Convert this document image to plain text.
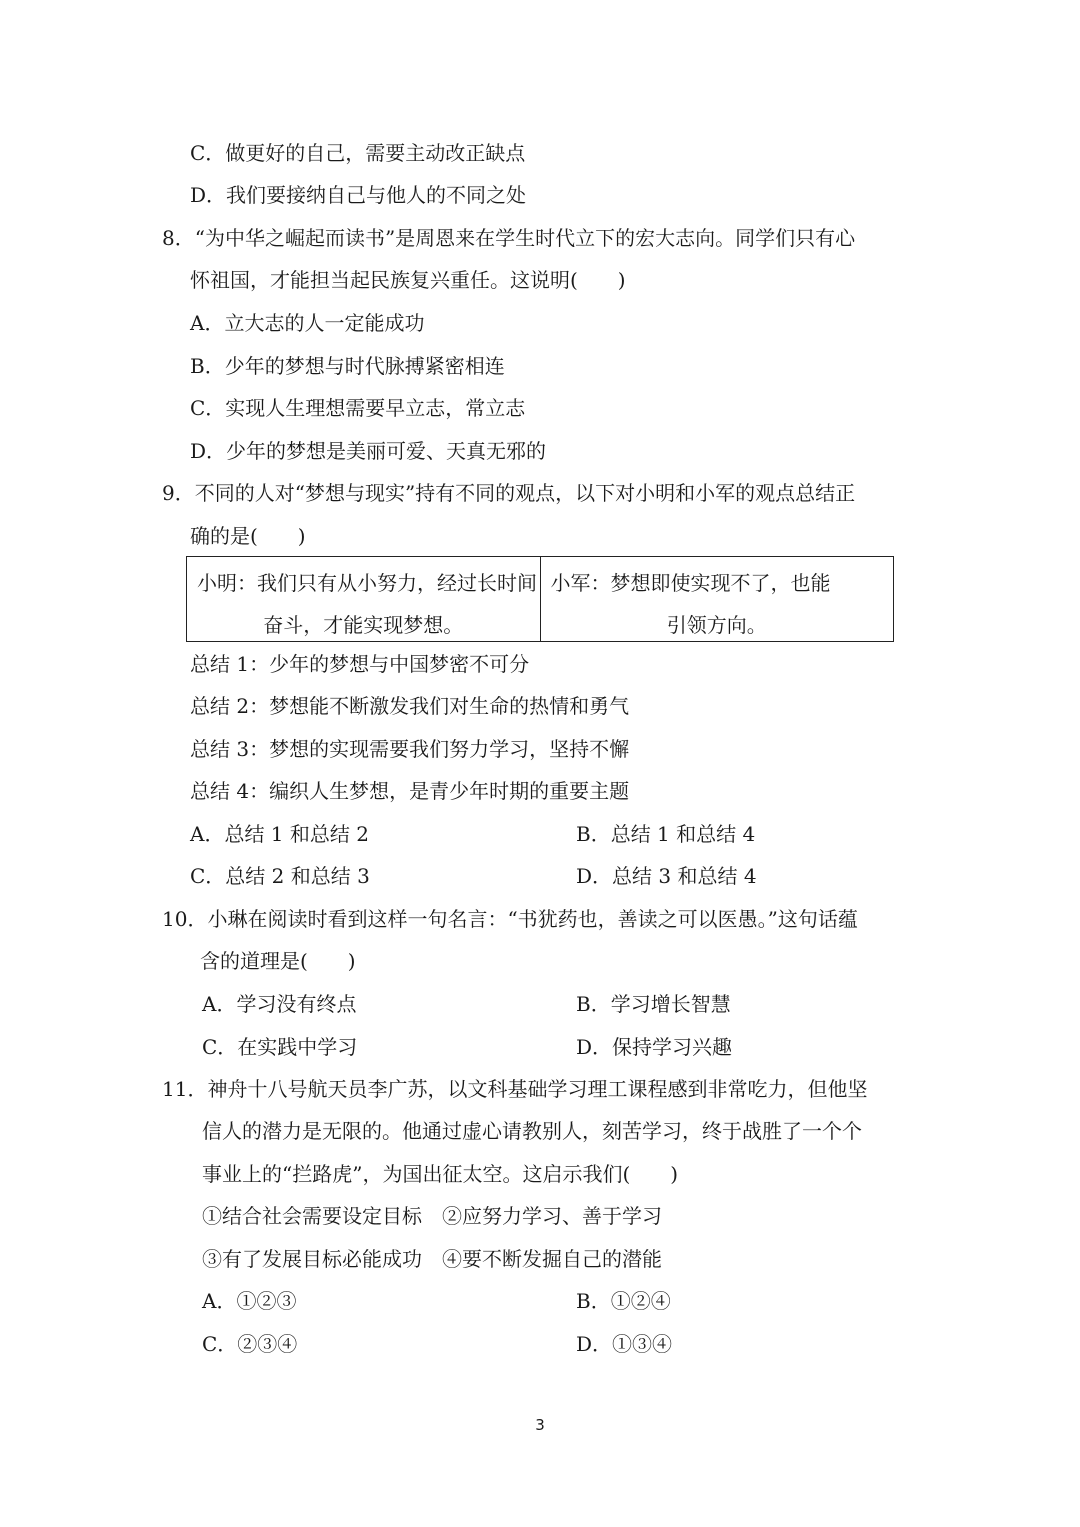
C．做更好的自己，需要主动改正缺点
D．我们要接纳自己与他人的不同之处
8．“为中华之崛起而读书”是周恩来在学生时代立下的宏大志向。同学们只有心
怀祖国，才能担当起民族复兴重任。这说明(　　)
A．立大志的人一定能成功
B．少年的梦想与时代脉搏紧密相连
C．实现人生理想需要早立志，常立志
D．少年的梦想是美丽可爱、天真无邪的
9．不同的人对“梦想与现实”持有不同的观点，以下对小明和小军的观点总结正
确的是(　　)
小明：我们只有从小努力，经过长时间
奋斗，才能实现梦想。

小军：梦想即使实现不了，也能
引领方向。
总结 1：少年的梦想与中国梦密不可分
总结 2：梦想能不断激发我们对生命的热情和勇气
总结 3：梦想的实现需要我们努力学习，坚持不懈
总结 4：编织人生梦想，是青少年时期的重要主题
A．总结 1 和总结 2	B．总结 1 和总结 4
C．总结 2 和总结 3	D．总结 3 和总结 4
10．小琳在阅读时看到这样一句名言：“书犹药也，善读之可以医愚。”这句话蕴
含的道理是(　　)
A．学习没有终点	B．学习增长智慧
C．在实践中学习	D．保持学习兴趣
11．神舟十八号航天员李广苏，以文科基础学习理工课程感到非常吃力，但他坚
信人的潜力是无限的。他通过虚心请教别人，刻苦学习，终于战胜了一个个
事业上的“拦路虎”，为国出征太空。这启示我们(　　)
①结合社会需要设定目标　②应努力学习、善于学习
③有了发展目标必能成功　④要不断发掘自己的潜能
A．①②③	B．①②④
C．②③④	D．①③④
3
